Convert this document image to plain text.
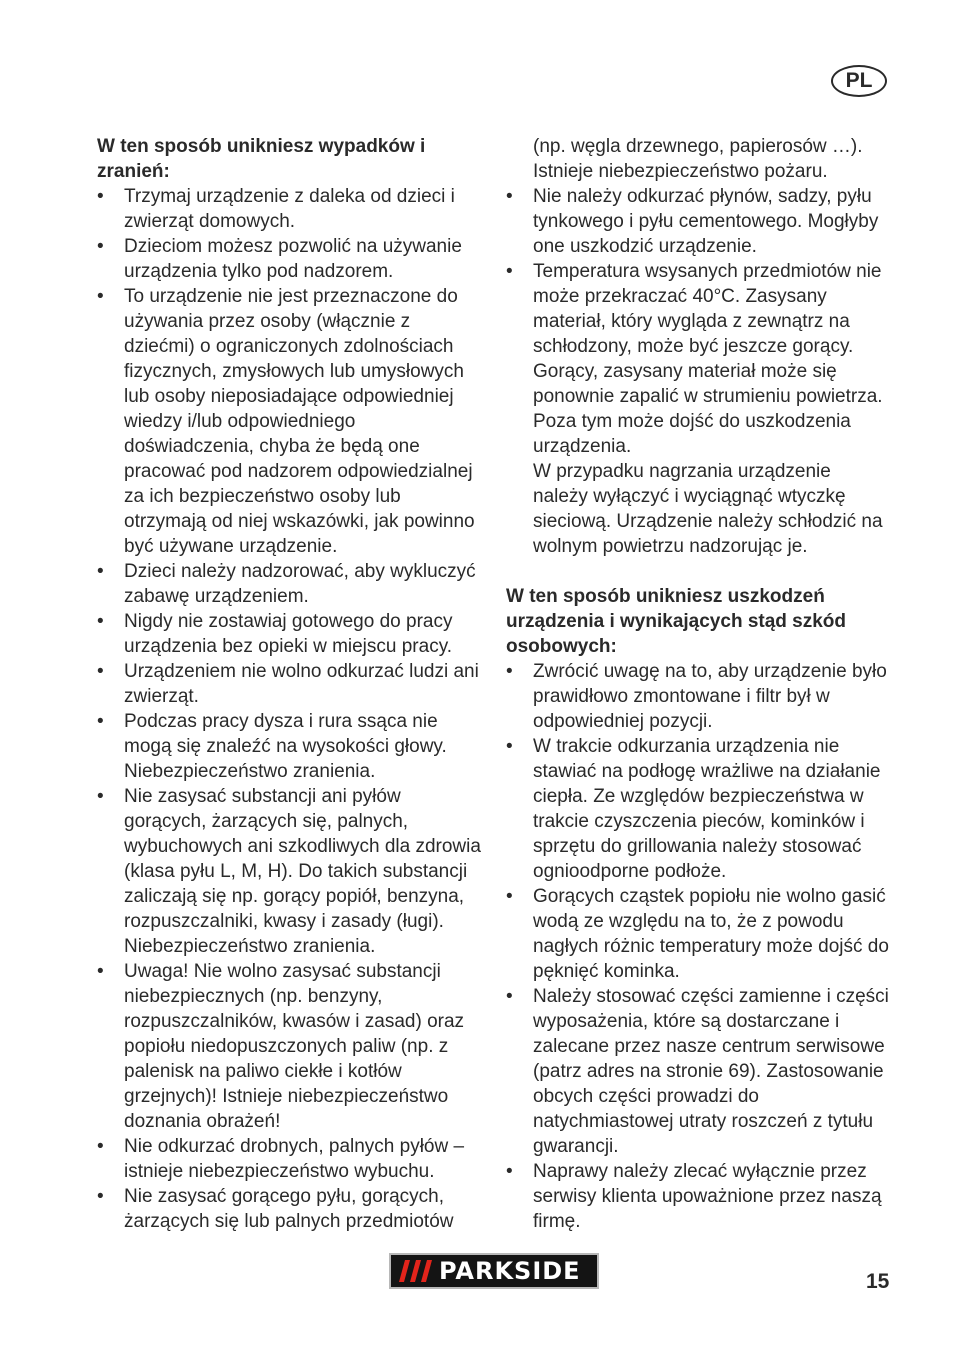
PL

W ten sposób unikniesz wypadków i zranień:

• Trzymaj urządzenie z daleka od dzieci i zwierząt domowych.
• Dzieciom możesz pozwolić na używanie urządzenia tylko pod nadzorem.
• To urządzenie nie jest przeznaczone do używania przez osoby (włącznie z dziećmi) o ograniczonych zdolnościach fizycznych, zmysłowych lub umysłowych lub osoby nieposiadające odpowiedniej wiedzy i/lub odpowiedniego doświadczenia, chyba że będą one pracować pod nadzorem odpowiedzialnej za ich bezpieczeństwo osoby lub otrzymają od niej wskazówki, jak powinno być używane urządzenie.
• Dzieci należy nadzorować, aby wykluczyć zabawę urządzeniem.
• Nigdy nie zostawiaj gotowego do pracy urządzenia bez opieki w miejscu pracy.
• Urządzeniem nie wolno odkurzać ludzi ani zwierząt.
• Podczas pracy dysza i rura ssąca nie mogą się znaleźć na wysokości głowy. Niebezpieczeństwo zranienia.
• Nie zasysać substancji ani pyłów gorących, żarzących się, palnych, wybuchowych ani szkodliwych dla zdrowia (klasa pyłu L, M, H). Do takich substancji zaliczają się np. gorący popiół, benzyna, rozpuszczalniki, kwasy i zasady (ługi). Niebezpieczeństwo zranienia.
• Uwaga! Nie wolno zasysać substancji niebezpiecznych (np. benzyny, rozpuszczalników, kwasów i zasad) oraz popiołu niedopuszczonych paliw (np. z palenisk na paliwo ciekłe i kotłów grzejnych)! Istnieje niebezpieczeństwo doznania obrażeń!
• Nie odkurzać drobnych, palnych pyłów – istnieje niebezpieczeństwo wybuchu.
• Nie zasysać gorącego pyłu, gorących, żarzących się lub palnych przedmiotów
(np. węgla drzewnego, papierosów …). Istnieje niebezpieczeństwo pożaru.
• Nie należy odkurzać płynów, sadzy, pyłu tynkowego i pyłu cementowego. Mogłyby one uszkodzić urządzenie.
• Temperatura wsysanych przedmiotów nie może przekraczać 40°C. Zasysany materiał, który wygląda z zewnątrz na schłodzony, może być jeszcze gorący. Gorący, zasysany materiał może się ponownie zapalić w strumieniu powietrza. Poza tym może dojść do uszkodzenia urządzenia.
W przypadku nagrzania urządzenie należy wyłączyć i wyciągnąć wtyczkę sieciową. Urządzenie należy schłodzić na wolnym powietrzu nadzorując je.

W ten sposób unikniesz uszkodzeń urządzenia i wynikających stąd szkód osobowych:

• Zwrócić uwagę na to, aby urządzenie było prawidłowo zmontowane i filtr był w odpowiedniej pozycji.
• W trakcie odkurzania urządzenia nie stawiać na podłogę wrażliwe na działanie ciepła. Ze względów bezpieczeństwa w trakcie czyszczenia pieców, kominków i sprzętu do grillowania należy stosować ognioodporne podłoże.
• Gorących cząstek popiołu nie wolno gasić wodą ze względu na to, że z powodu nagłych różnic temperatury może dojść do pęknięć kominka.
• Należy stosować części zamienne i części wyposażenia, które są dostarczane i zalecane przez nasze centrum serwisowe (patrz adres na stronie 69). Zastosowanie obcych części prowadzi do natychmiastowej utraty roszczeń z tytułu gwarancji.
• Naprawy należy zlecać wyłącznie przez serwisy klienta upoważnione przez naszą firmę.
PARKSIDE	15
